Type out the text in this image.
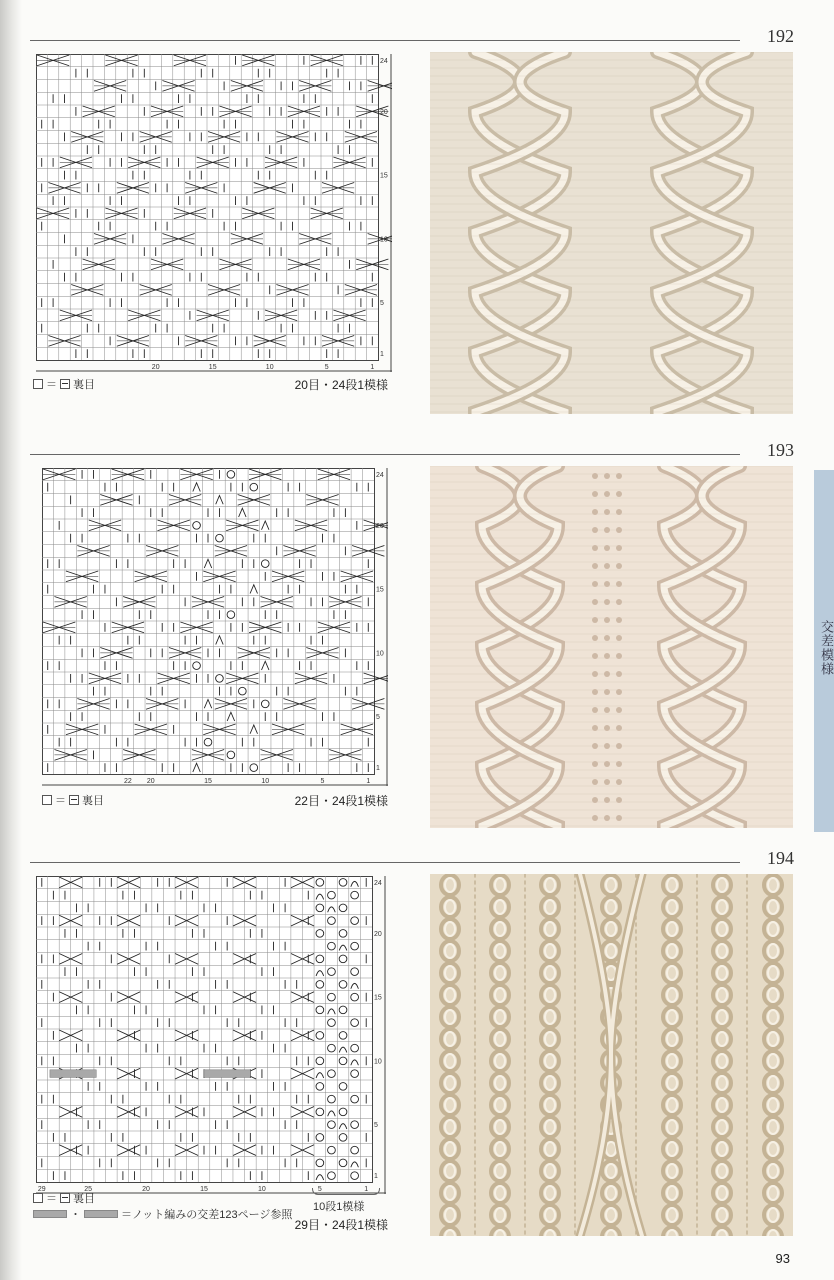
192
20	15	10	5	1
24
20
15
10
5
1
＝ 裏目	20目・24段1模様
193
22 20	15	10	5	1
24
20
15
10
5
1
＝ 裏目	22目・24段1模様
194
29	25	20	15	10	5	1
24
20
15
10
5
1
10段1模様
＝ 裏目
・	＝ノット編みの交差123ページ参照
29目・24段1模様
交差模様
93
